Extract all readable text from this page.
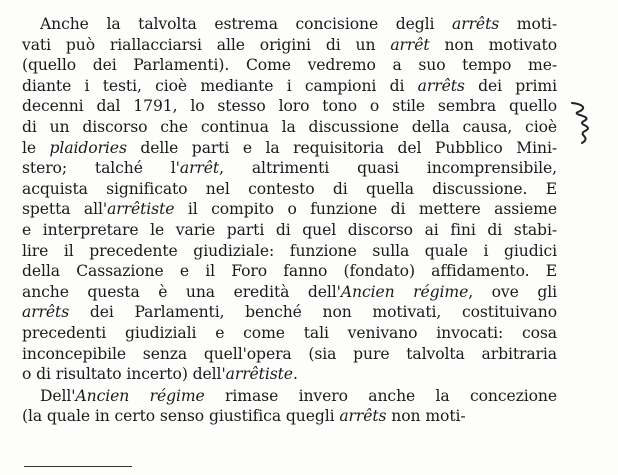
Anche la talvolta estrema concisione degli arrêts moti-
vati può riallacciarsi alle origini di un arrêt non motivato
(quello dei Parlamenti). Come vedremo a suo tempo me-
diante i testi, cioè mediante i campioni di arrêts dei primi
decenni dal 1791, lo stesso loro tono o stile sembra quello
di un discorso che continua la discussione della causa, cioè
le plaidories delle parti e la requisitoria del Pubblico Mini-
stero; talché l'arrêt, altrimenti quasi incomprensibile,
acquista significato nel contesto di quella discussione. E
spetta all'arrêtiste il compito o funzione di mettere assieme
e interpretare le varie parti di quel discorso ai fini di stabi-
lire il precedente giudiziale: funzione sulla quale i giudici
della Cassazione e il Foro fanno (fondato) affidamento. E
anche questa è una eredità dell'Ancien régime, ove gli
arrêts dei Parlamenti, benché non motivati, costituivano
precedenti giudiziali e come tali venivano invocati: cosa
inconcepibile senza quell'opera (sia pure talvolta arbitraria
o di risultato incerto) dell'arrêtiste.
Dell'Ancien régime rimase invero anche la concezione
(la quale in certo senso giustifica quegli arrêts non moti-
